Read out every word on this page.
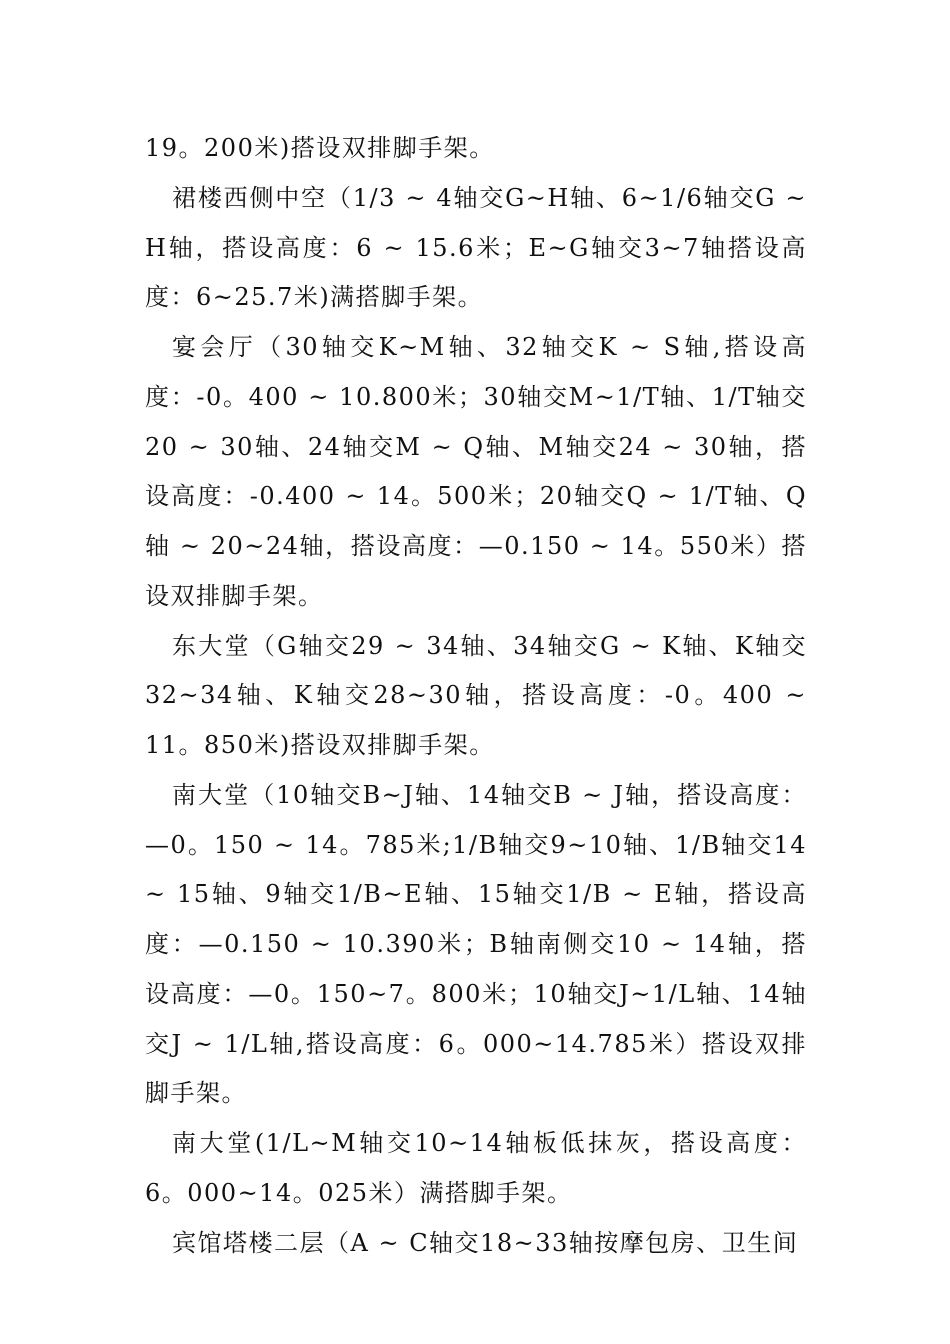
19。200米)搭设双排脚手架。

裙楼西侧中空（1/3 ~ 4轴交G~H轴、6~1/6轴交G ~ H轴，搭设高度：6 ~ 15.6米；E~G轴交3~7轴搭设高度：6~25.7米)满搭脚手架。

宴会厅（30轴交K~M轴、32轴交K ~ S轴,搭设高度：-0。400 ~ 10.800米；30轴交M~1/T轴、1/T轴交20 ~ 30轴、24轴交M ~ Q轴、M轴交24 ~ 30轴，搭设高度：-0.400 ~ 14。500米；20轴交Q ~ 1/T轴、Q轴 ~ 20~24轴，搭设高度：—0.150 ~ 14。550米）搭设双排脚手架。

东大堂（G轴交29 ~ 34轴、34轴交G ~ K轴、K轴交32~34轴、K轴交28~30轴，搭设高度：-0。400 ~ 11。850米)搭设双排脚手架。

南大堂（10轴交B~J轴、14轴交B ~ J轴，搭设高度：—0。150 ~ 14。785米;1/B轴交9~10轴、1/B轴交14 ~ 15轴、9轴交1/B~E轴、15轴交1/B ~ E轴，搭设高度：—0.150 ~ 10.390米；B轴南侧交10 ~ 14轴，搭设高度：—0。150~7。800米；10轴交J~1/L轴、14轴交J ~ 1/L轴,搭设高度：6。000~14.785米）搭设双排脚手架。

南大堂(1/L~M轴交10~14轴板低抹灰，搭设高度：6。000~14。025米）满搭脚手架。

宾馆塔楼二层（A ~ C轴交18~33轴按摩包房、卫生间
